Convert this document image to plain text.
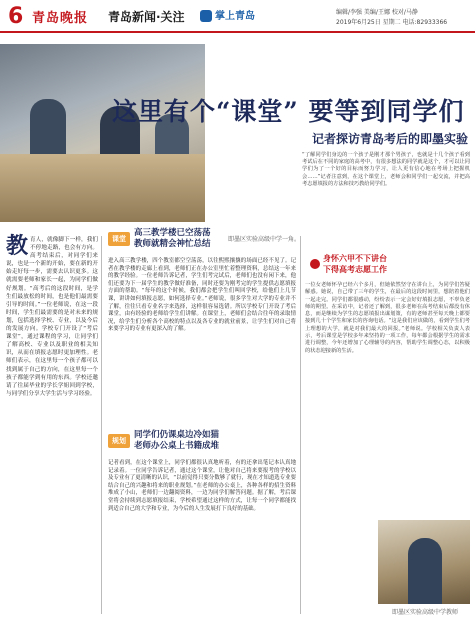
6 青岛晚报 青岛新闻·关注	掌上青岛	编辑/李强 美编/王娜 校对/马静
2019年6月25日 星期二 电话:82933366
即墨区实验高级中学一角。
这里有个“课堂” 要等到同学们
记者探访青岛考后的即墨实验
“了解同学们身边的一个孩子是刚才那个男孩子，也就是十几个孩子看到考试后在不同的家庭的高考中，有很多想法的同学就是这个，才可以让同学们为了一个好的目标而努力学习，让人更有信心地在考场上把握机会……”记者注意到，在这个课堂上，老师会和同学们一起交流，并把高考志愿填报的方法和技巧教给同学们。
教 育人，就像脚下一样，我们不停地走路，也会有方向。高考结束后，对同学们来说，也是一个新的开始，要在新的开始走好每一步，需要去认识更多。这就需要老师和家长一起，为同学们做好规划。“高考后的这段时间，是学生们最放松的时间，也是他们最需要引导的时间。”一位老师说，在这一段时间，学生们最需要的是对未来的规划，包括选择学校、专业，以及今后的发展方向。学校专门开设了“考后课堂”，通过课程的学习，让同学们了解高校、专业以及职业的相关知识，从而在填报志愿时更加理性。老师们表示，在这里每一个孩子都可以找到属于自己的方向，在这里每一个孩子都能学到有用的东西。学校还邀请了往届毕业的学长学姐回到学校，与同学们分享大学生活与学习经验。
课堂
高三教学楼已空荡荡
教师就精会神忙总结
进入高三教学楼，四个教室都空空荡荡，以往熙熙攘攘的场面已经不见了。记者在教学楼的走廊上看到，老师们正在办公室里忙着整理资料，总结这一年来的教学经验。一位老师告诉记者，学生们考完试后，老师们也没有闲下来，他们还要为下一届学生的教学做好准备，同时还要为刚考完的学生提供志愿填报方面的帮助。“每年的这个时候，我们都会把学生们叫回学校，给他们上几节课，讲讲如何填报志愿，如何选择专业。”老师说，很多学生对大学的专业并不了解，往往只看专业名字来选择，这样很容易选错。所以学校专门开设了考后课堂，由有经验的老师给学生们讲解。在课堂上，老师们会结合往年的录取情况，给学生们分析各个高校的特点以及各专业的就业前景，让学生们对自己将来要学习的专业有更深入的了解。
规划
同学们仍课桌边冷如猫
老师办公桌上书籍成堆
记者看到，在这个课堂上，同学们都很认真地听着，有的还拿出笔记本认真地记录着。一位同学告诉记者，通过这个课堂，让他对自己将来要报考的学校以及专业有了更清晰的认识，“以前觉得只要分数够了就行，现在才知道选专业要结合自己的兴趣和将来的职业规划。”在老师的办公桌上，各种各样的招生资料堆成了小山，老师们一边翻阅资料，一边为同学们解答问题。据了解，考后课堂将会持续到志愿填报结束，学校希望通过这样的方式，让每一个同学都能找到适合自己的大学和专业，为今后的人生发展打下良好的基础。
身怀六甲不下讲台
下得高考志愿工作
一位女老师怀孕已经六个多月，但她依然坚守在讲台上，为同学们答疑解惑。她说，自己带了三年的学生，在最后的这段时间里，想陪着他们一起走完。同学们都很感动，纷纷表示一定会好好填报志愿，不辜负老师的期望。在采访中，记者还了解到，很多老师在高考结束后都没有休息，而是继续为学生的志愿填报出谋划策，有的老师甚至每天晚上都要接到几十个学生和家长的咨询电话。“这是我们应该做的，看到学生们考上理想的大学，就是对我们最大的回报。”老师说。学校相关负责人表示，考后课堂是学校多年来坚持的一项工作，每年都会根据学生的需求进行调整，今年还增加了心理辅导的内容，帮助学生调整心态，以积极的状态迎接新的生活。
即墨区实验高级中学教师
